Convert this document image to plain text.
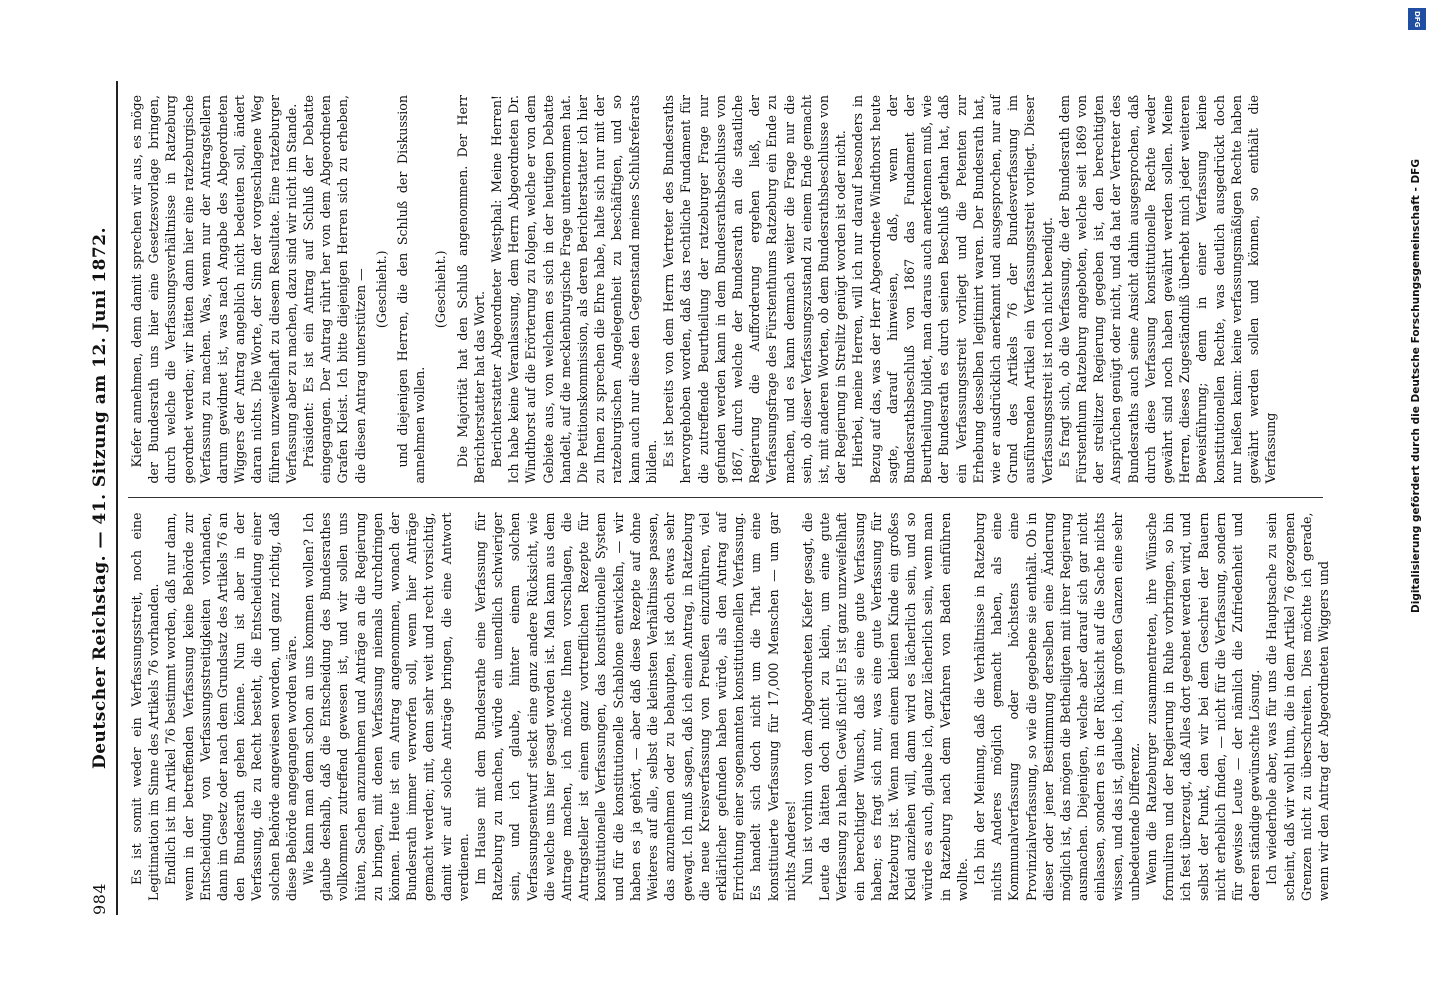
984
Deutscher Reichstag. — 41. Sitzung am 12. Juni 1872. Es ist somit weder ein Verfassungsstreit, noch eine Legitimation im Sinne des Artikels 76 vorhanden. Endlich ist im Artikel 76 bestimmt worden, daß nur dann, wenn in der betreffenden Verfassung keine Behörde zur Entscheidung von Verfassungsstreitigkeiten vorhanden, dann im Gesetz oder nach dem Grundsatz des Artikels 76 an den Bundesrath gehen könne. Nun ist aber in der Verfassung, die zu Recht besteht, die Entscheidung einer solchen Behörde angewiesen worden, und ganz richtig, daß diese Behörde angegangen worden wäre. Wie kann man denn schon an uns kommen wollen? Ich glaube deshalb, daß die Entscheidung des Bundesrathes vollkommen zutreffend gewesen ist, und wir sollen uns hüten, Sachen anzunehmen und Anträge an die Regierung zu bringen, mit denen Verfassung niemals durchdringen können. Heute ist ein Antrag angenommen, wonach der Bundesrath immer verworfen soll, wenn hier Anträge gemacht werden; mit, denn sehr weit und recht vorsichtig, damit wir auf solche Anträge bringen, die eine Antwort verdienen. Im Hause mit dem Bundesrathe eine Verfassung für Ratzeburg zu machen, würde ein unendlich schwieriger sein, und ich glaube, hinter einem solchen Verfassungsentwurf steckt eine ganz andere Rücksicht, wie die welche uns hier gesagt worden ist. Man kann aus dem Antrage machen, ich möchte Ihnen vorschlagen, die Antragsteller ist einem ganz vortrefflichen Rezepte für konstitutionelle Verfassungen, das konstitutionelle System und für die konstitutionelle Schablone entwickeln, — wir haben es ja gehört, — aber daß diese Rezepte auf ohne Weiteres auf alle, selbst die kleinsten Verhältnisse passen, das anzunehmen oder zu behaupten, ist doch etwas sehr gewagt. Ich muß sagen, daß ich einen Antrag, in Ratzeburg die neue Kreisverfassung von Preußen einzuführen, viel erklärlicher gefunden haben würde, als den Antrag auf Errichtung einer sogenannten konstitutionellen Verfassung. Es handelt sich doch nicht um die That um eine konstituierte Verfassung für 17,000 Menschen — um gar nichts Anderes! Nun ist vorhin von dem Abgeordneten Kiefer gesagt, die Leute da hätten doch nicht zu klein, um eine gute Verfassung zu haben. Gewiß nicht! Es ist ganz unzweifelhaft ein berechtigter Wunsch, daß sie eine gute Verfassung haben; es fragt sich nur, was eine gute Verfassung für Ratzeburg ist. Wenn man einem kleinen Kinde ein großes Kleid anziehen will, dann wird es lächerlich sein, und so würde es auch, glaube ich, ganz lächerlich sein, wenn man in Ratzeburg nach dem Verfahren von Baden einführen wollte. Ich bin der Meinung, daß die Verhältnisse in Ratzeburg nichts Anderes möglich gemacht haben, als eine Kommunalverfassung oder höchstens eine Provinzialverfassung, so wie die gegebene sie enthält. Ob in dieser oder jener Bestimmung derselben eine Änderung möglich ist, das mögen die Betheiligten mit ihrer Regierung ausmachen. Diejenigen, welche aber darauf sich gar nicht einlassen, sondern es in der Rücksicht auf die Sache nichts wissen, und das ist, glaube ich, im großen Ganzen eine sehr unbedeutende Differenz. Wenn die Ratzeburger zusammentreten, ihre Wünsche formuliren und der Regierung in Ruhe vorbringen, so bin ich fest überzeugt, daß Alles dort geebnet werden wird, und selbst der Punkt, den wir bei dem Geschrei der Bauern nicht erheblich finden, — nicht für die Verfassung, sondern für gewisse Leute — der nämlich die Zufriedenheit und deren ständige gewünschte Lösung. Ich wiederhole aber, was für uns die Hauptsache zu sein scheint, daß wir wohl thun, die in dem Artikel 76 gezogenen Grenzen nicht zu überschreiten. Dies möchte ich gerade, wenn wir den Antrag der Abgeordneten Wiggers und

Kiefer annehmen, denn damit sprechen wir aus, es möge der Bundesrath uns hier eine Gesetzesvorlage bringen, durch welche die Verfassungsverhältnisse in Ratzeburg geordnet werden; wir hätten dann hier eine ratzeburgische Verfassung zu machen. Was, wenn nur der Antragstellern darum gewidmet ist, was nach Angabe des Abgeordneten Wiggers der Antrag angeblich nicht bedeuten soll, ändert daran nichts. Die Worte, der Sinn der vorgeschlagene Weg führen unzweifelhaft zu diesem Resultate. Eine ratzeburger Verfassung aber zu machen, dazu sind wir nicht im Stande. Präsident: Es ist ein Antrag auf Schluß der Debatte eingegangen. Der Antrag rührt her von dem Abgeordneten Grafen Kleist. Ich bitte diejenigen Herren sich zu erheben, die diesen Antrag unterstützen — (Geschieht.) und diejenigen Herren, die den Schluß der Diskussion annehmen wollen.

(Geschieht.) Die Majorität hat den Schluß angenommen. Der Herr Berichterstatter hat das Wort. Berichterstatter Abgeordneter Westphal: Meine Herren! Ich habe keine Veranlassung, dem Herrn Abgeordneten Dr. Windthorst auf die Erörterung zu folgen, welche er von dem Gebiete aus, von welchem es sich in der heutigen Debatte handelt, auf die mecklenburgische Frage unternommen hat. Die Petitionskommission, als deren Berichterstatter ich hier zu Ihnen zu sprechen die Ehre habe, halte sich nur mit der ratzeburgischen Angelegenheit zu beschäftigen, und so kann auch nur diese den Gegenstand meines Schlußreferats bilden. Es ist bereits von dem Herrn Vertreter des Bundesraths hervorgehoben worden, daß das rechtliche Fundament für die zutreffende Beurtheilung der ratzeburger Frage nur gefunden werden kann in dem Bundesrathsbeschlusse von 1867, durch welche der Bundesrath an die staatliche Regierung die Aufforderung ergehen ließ, der Verfassungsfrage des Fürstenthums Ratzeburg ein Ende zu machen, und es kann demnach weiter die Frage nur die sein, ob dieser Verfassungszustand zu einem Ende gemacht ist, mit anderen Worten, ob dem Bundesrathsbeschlusse von der Regierung in Strelitz genügt worden ist oder nicht. Hierbei, meine Herren, will ich nur darauf besonders in Bezug auf das, was der Herr Abgeordnete Windthorst heute sagte, darauf hinweisen, daß, wenn der Bundesrathsbeschluß von 1867 das Fundament der Beurtheilung bildet, man daraus auch anerkennen muß, wie der Bundesrath es durch seinen Beschluß gethan hat, daß ein Verfassungsstreit vorliegt und die Petenten zur Erhebung desselben legitimirt waren. Der Bundesrath hat, wie er ausdrücklich anerkannt und ausgesprochen, nur auf Grund des Artikels 76 der Bundesverfassung im ausführenden Artikel ein Verfassungsstreit vorliegt. Dieser Verfassungsstreit ist noch nicht beendigt. Es fragt sich, ob die Verfassung, die der Bundesrath dem Fürstenthum Ratzeburg angeboten, welche seit 1869 von der strelitzer Regierung gegeben ist, den berechtigten Ansprüchen genügt oder nicht, und da hat der Vertreter des Bundesraths auch seine Ansicht dahin ausgesprochen, daß durch diese Verfassung konstitutionelle Rechte weder gewährt sind noch haben gewährt werden sollen. Meine Herren, dieses Zugeständniß überhebt mich jeder weiteren Beweisführung; denn in einer Verfassung keine konstitutionellen Rechte, was deutlich ausgedrückt doch nur heißen kann: keine verfassungsmäßigen Rechte haben gewährt werden sollen und können, so enthält die Verfassung

DFG
Digitalisierung gefördert durch die Deutsche Forschungsgemeinschaft - DFG
